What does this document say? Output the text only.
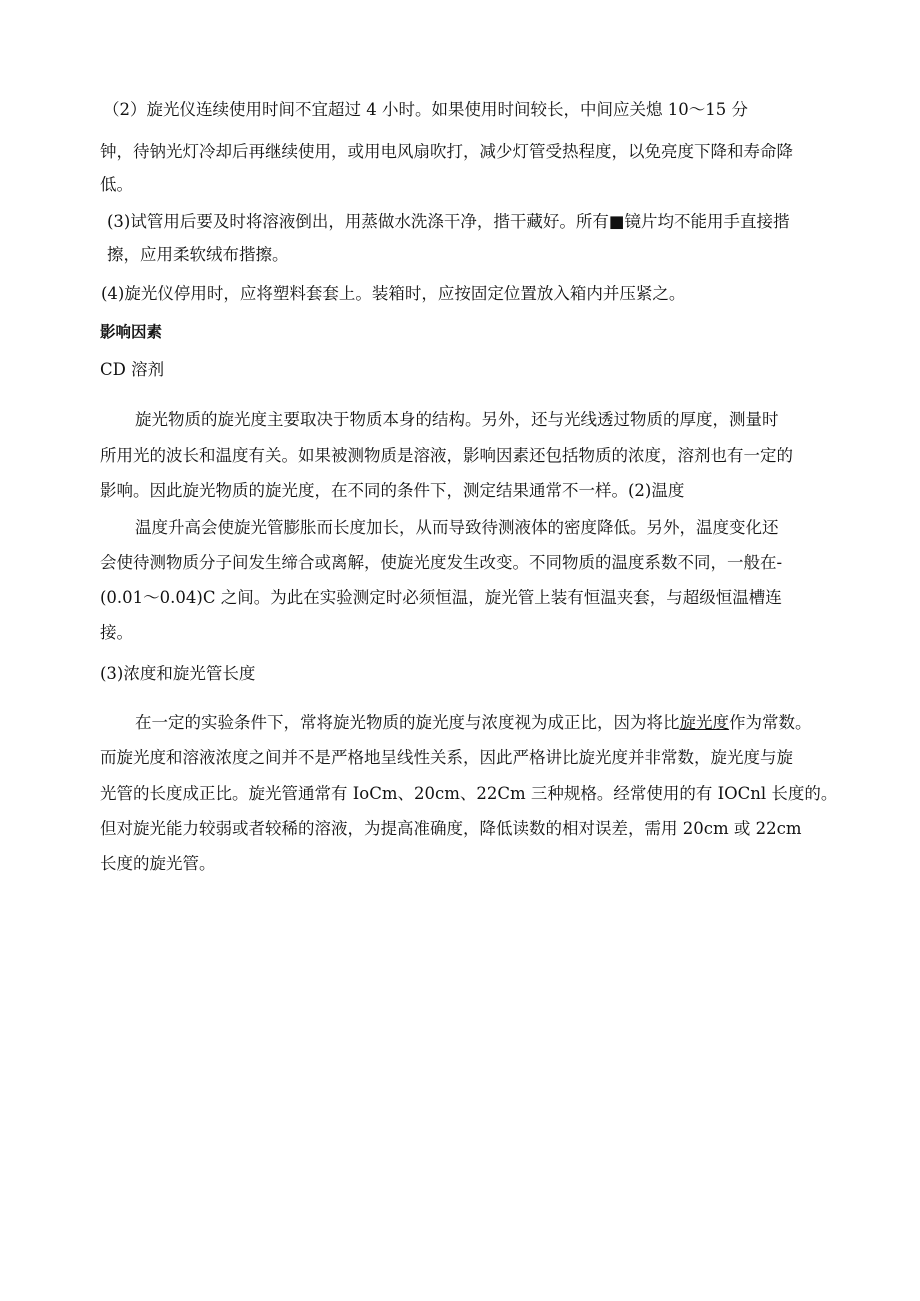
（2）旋光仪连续使用时间不宜超过 4 小时。如果使用时间较长，中间应关熄 10～15 分
钟，待钠光灯冷却后再继续使用，或用电风扇吹打，减少灯管受热程度，以免亮度下降和寿命降
低。
(3)试管用后要及时将溶液倒出，用蒸做水洗涤干净，揩干藏好。所有■镜片均不能用手直接揩
擦，应用柔软绒布揩擦。
(4)旋光仪停用时，应将塑料套套上。装箱时，应按固定位置放入箱内并压紧之。
影响因素
CD 溶剂
旋光物质的旋光度主要取决于物质本身的结构。另外，还与光线透过物质的厚度，测量时
所用光的波长和温度有关。如果被测物质是溶液，影响因素还包括物质的浓度，溶剂也有一定的
影响。因此旋光物质的旋光度，在不同的条件下，测定结果通常不一样。(2)温度
温度升高会使旋光管膨胀而长度加长，从而导致待测液体的密度降低。另外，温度变化还
会使待测物质分子间发生缔合或离解，使旋光度发生改变。不同物质的温度系数不同，一般在-
(0.01～0.04)C 之间。为此在实验测定时必须恒温，旋光管上装有恒温夹套，与超级恒温槽连
接。
(3)浓度和旋光管长度
在一定的实验条件下，常将旋光物质的旋光度与浓度视为成正比，因为将比旋光度作为常数。
而旋光度和溶液浓度之间并不是严格地呈线性关系，因此严格讲比旋光度并非常数，旋光度与旋
光管的长度成正比。旋光管通常有 IoCm、20cm、22Cm 三种规格。经常使用的有 IOCnl 长度的。
但对旋光能力较弱或者较稀的溶液，为提高准确度，降低读数的相对误差，需用 20cm 或 22cm
长度的旋光管。
